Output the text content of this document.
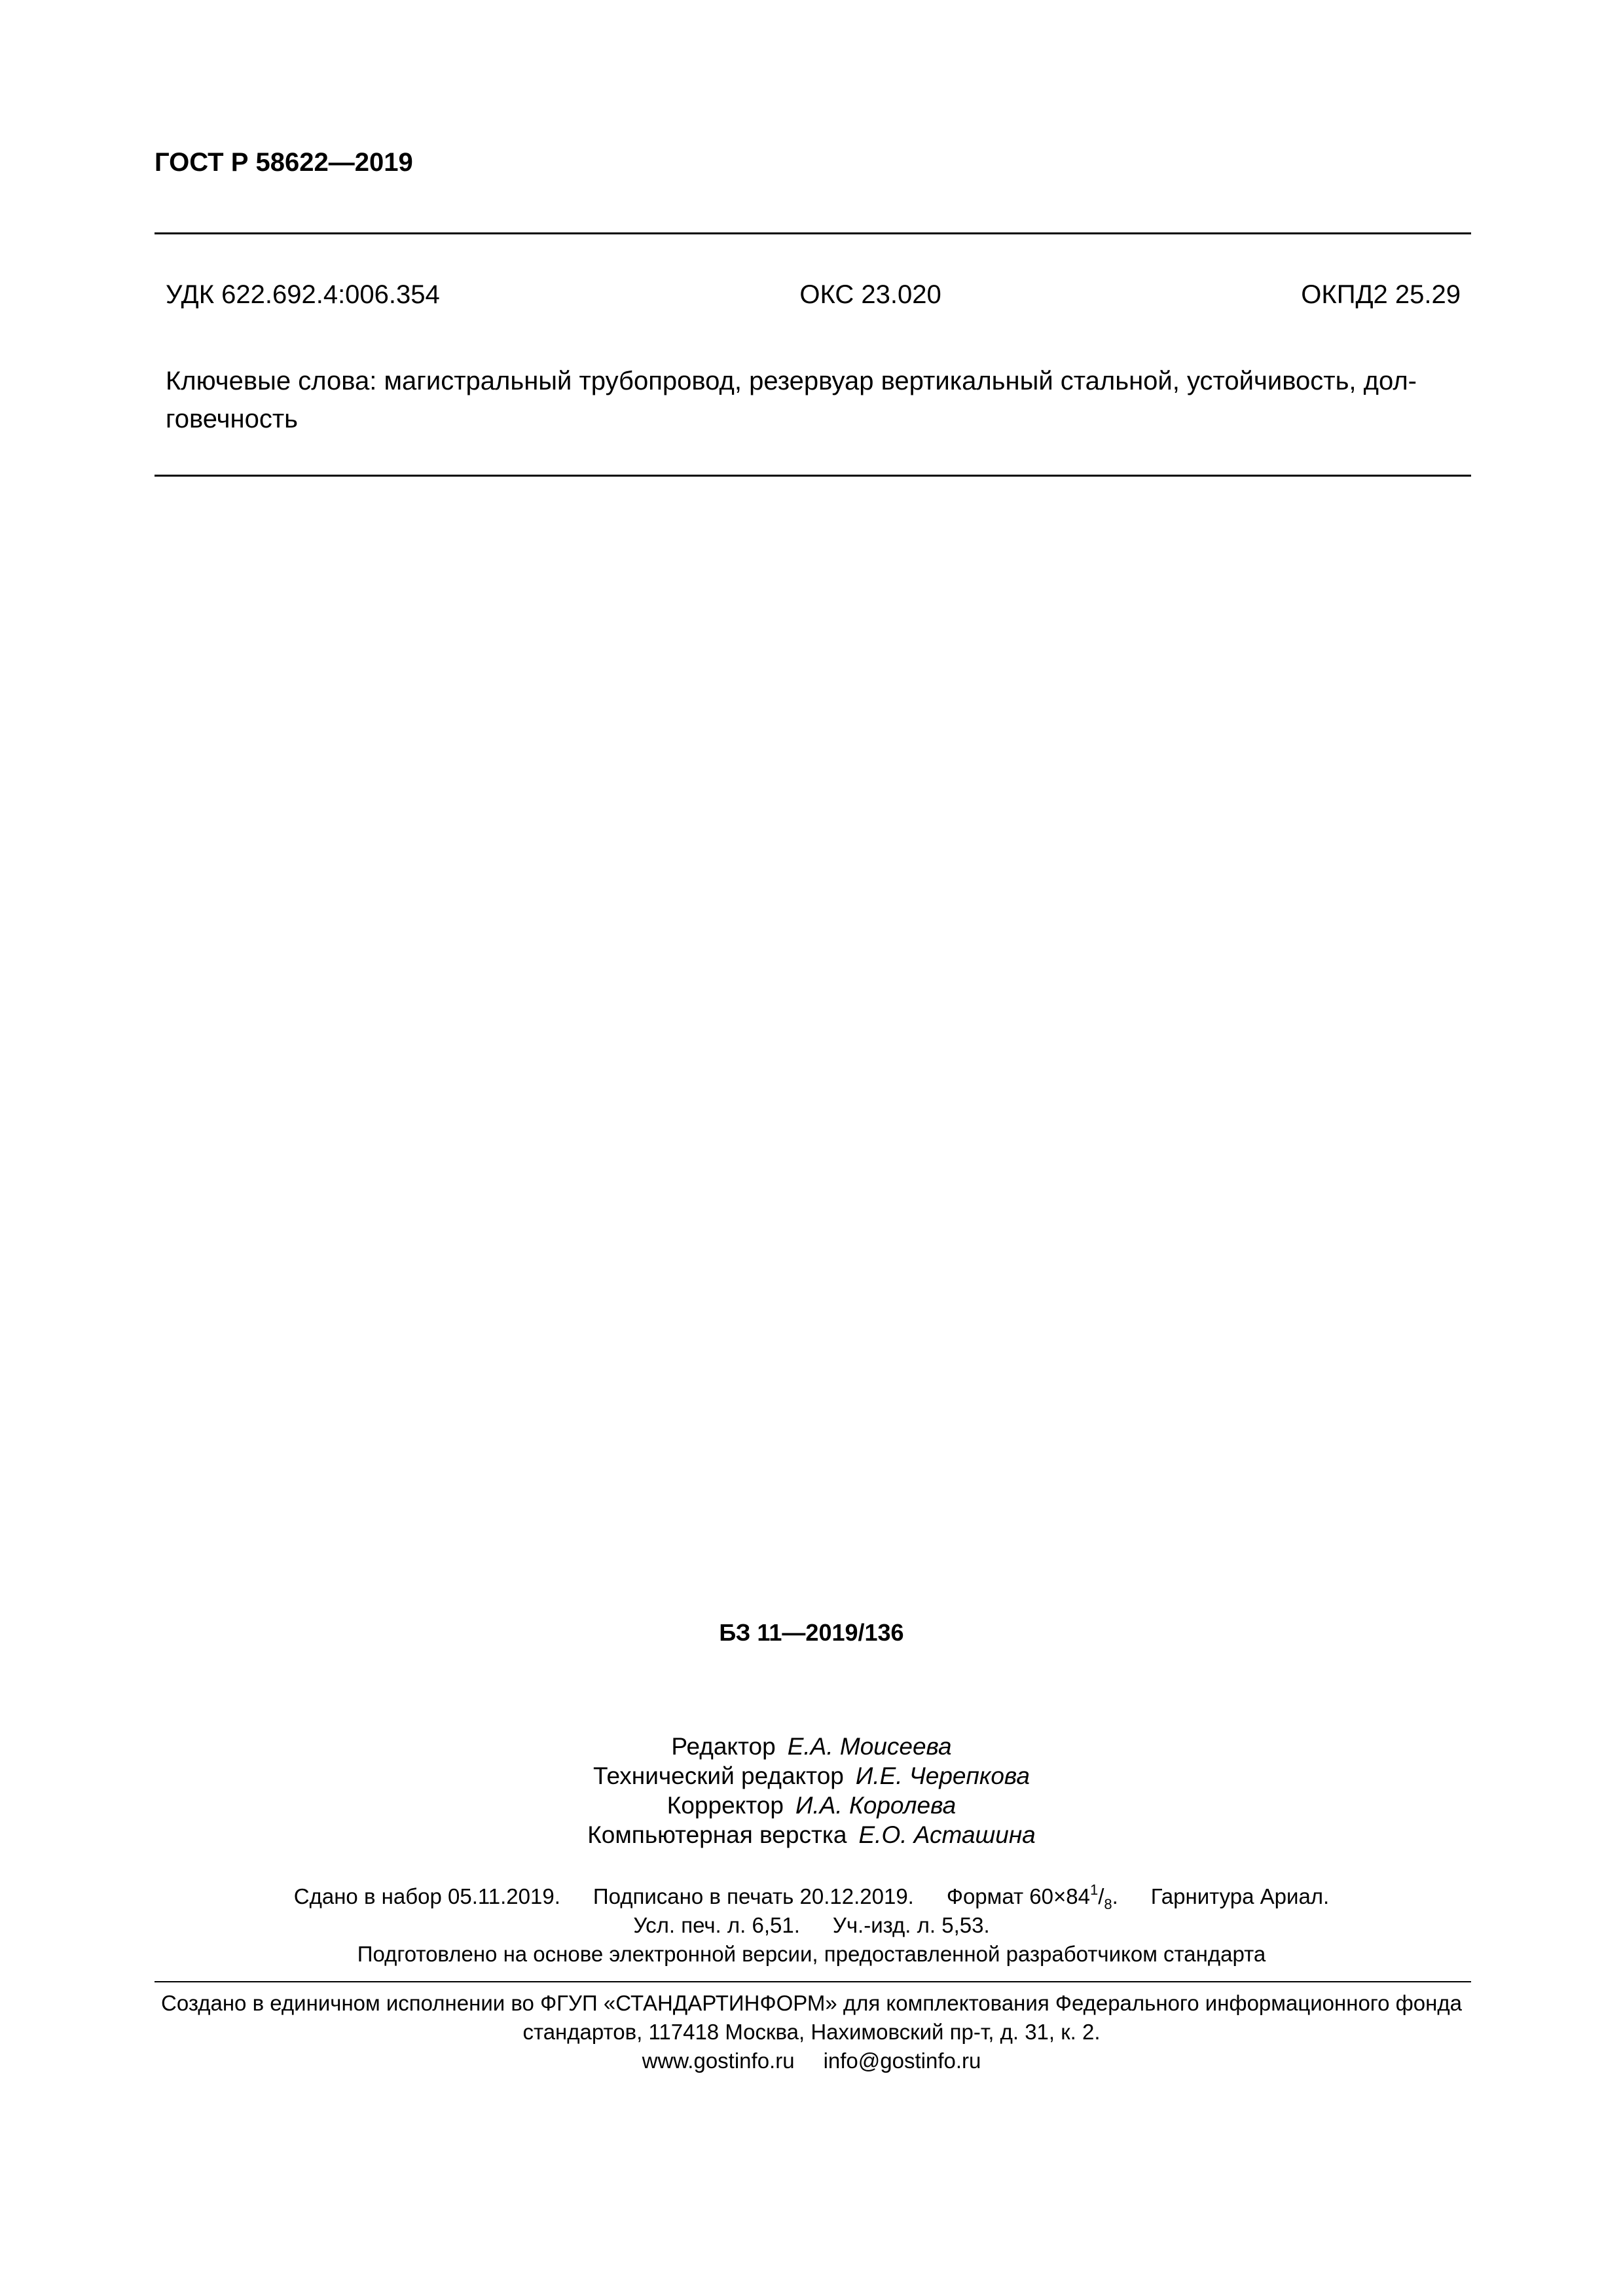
ГОСТ Р 58622—2019
УДК 622.692.4:006.354	ОКС 23.020	ОКПД2 25.29
Ключевые слова: магистральный трубопровод, резервуар вертикальный стальной, устойчивость, дол-
говечность
БЗ 11—2019/136
Редактор Е.А. Моисеева
Технический редактор И.Е. Черепкова
Корректор И.А. Королева
Компьютерная верстка Е.О. Асташина
Сдано в набор 05.11.2019. Подписано в печать 20.12.2019. Формат $60\times 84^1/_8$. Гарнитура Ариал.
Усл. печ. л. 6,51. Уч.-изд. л. 5,53.
Подготовлено на основе электронной версии, предоставленной разработчиком стандарта
Создано в единичном исполнении во ФГУП «СТАНДАРТИНФОРМ» для комплектования Федерального информационного фонда
стандартов, 117418 Москва, Нахимовский пр-т, д. 31, к. 2.
www.gostinfo.ru info@gostinfo.ru
